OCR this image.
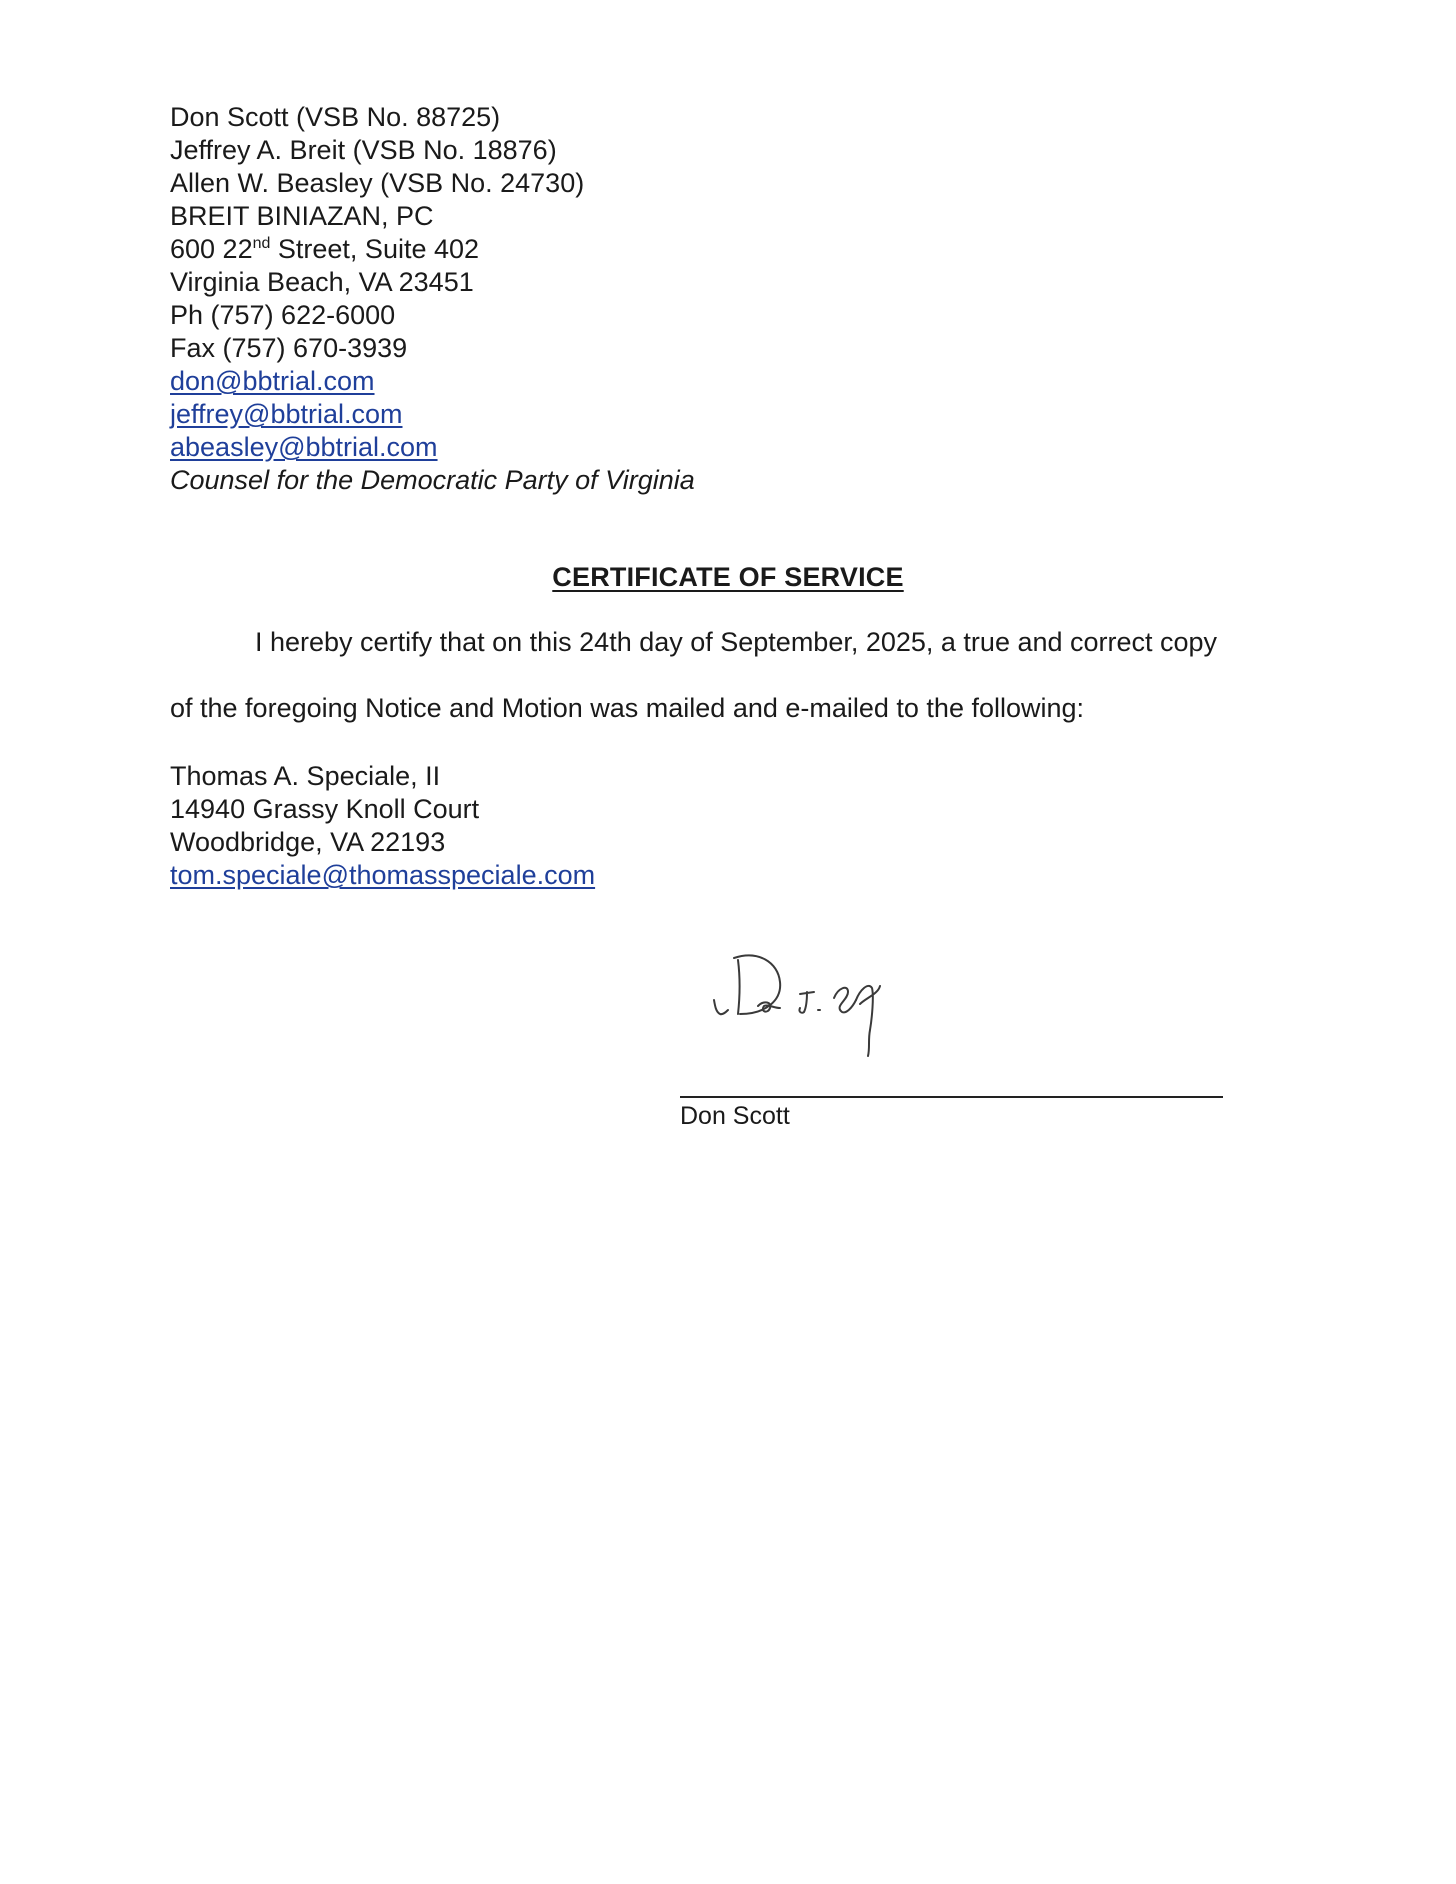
Don Scott (VSB No. 88725)
Jeffrey A. Breit (VSB No. 18876)
Allen W. Beasley (VSB No. 24730)
BREIT BINIAZAN, PC
600 22nd Street, Suite 402
Virginia Beach, VA 23451
Ph (757) 622-6000
Fax (757) 670-3939
don@bbtrial.com
jeffrey@bbtrial.com
abeasley@bbtrial.com
Counsel for the Democratic Party of Virginia
CERTIFICATE OF SERVICE
I hereby certify that on this 24th day of September, 2025, a true and correct copy
of the foregoing Notice and Motion was mailed and e-mailed to the following:
Thomas A. Speciale, II
14940 Grassy Knoll Court
Woodbridge, VA 22193
tom.speciale@thomasspeciale.com
Don Scott
